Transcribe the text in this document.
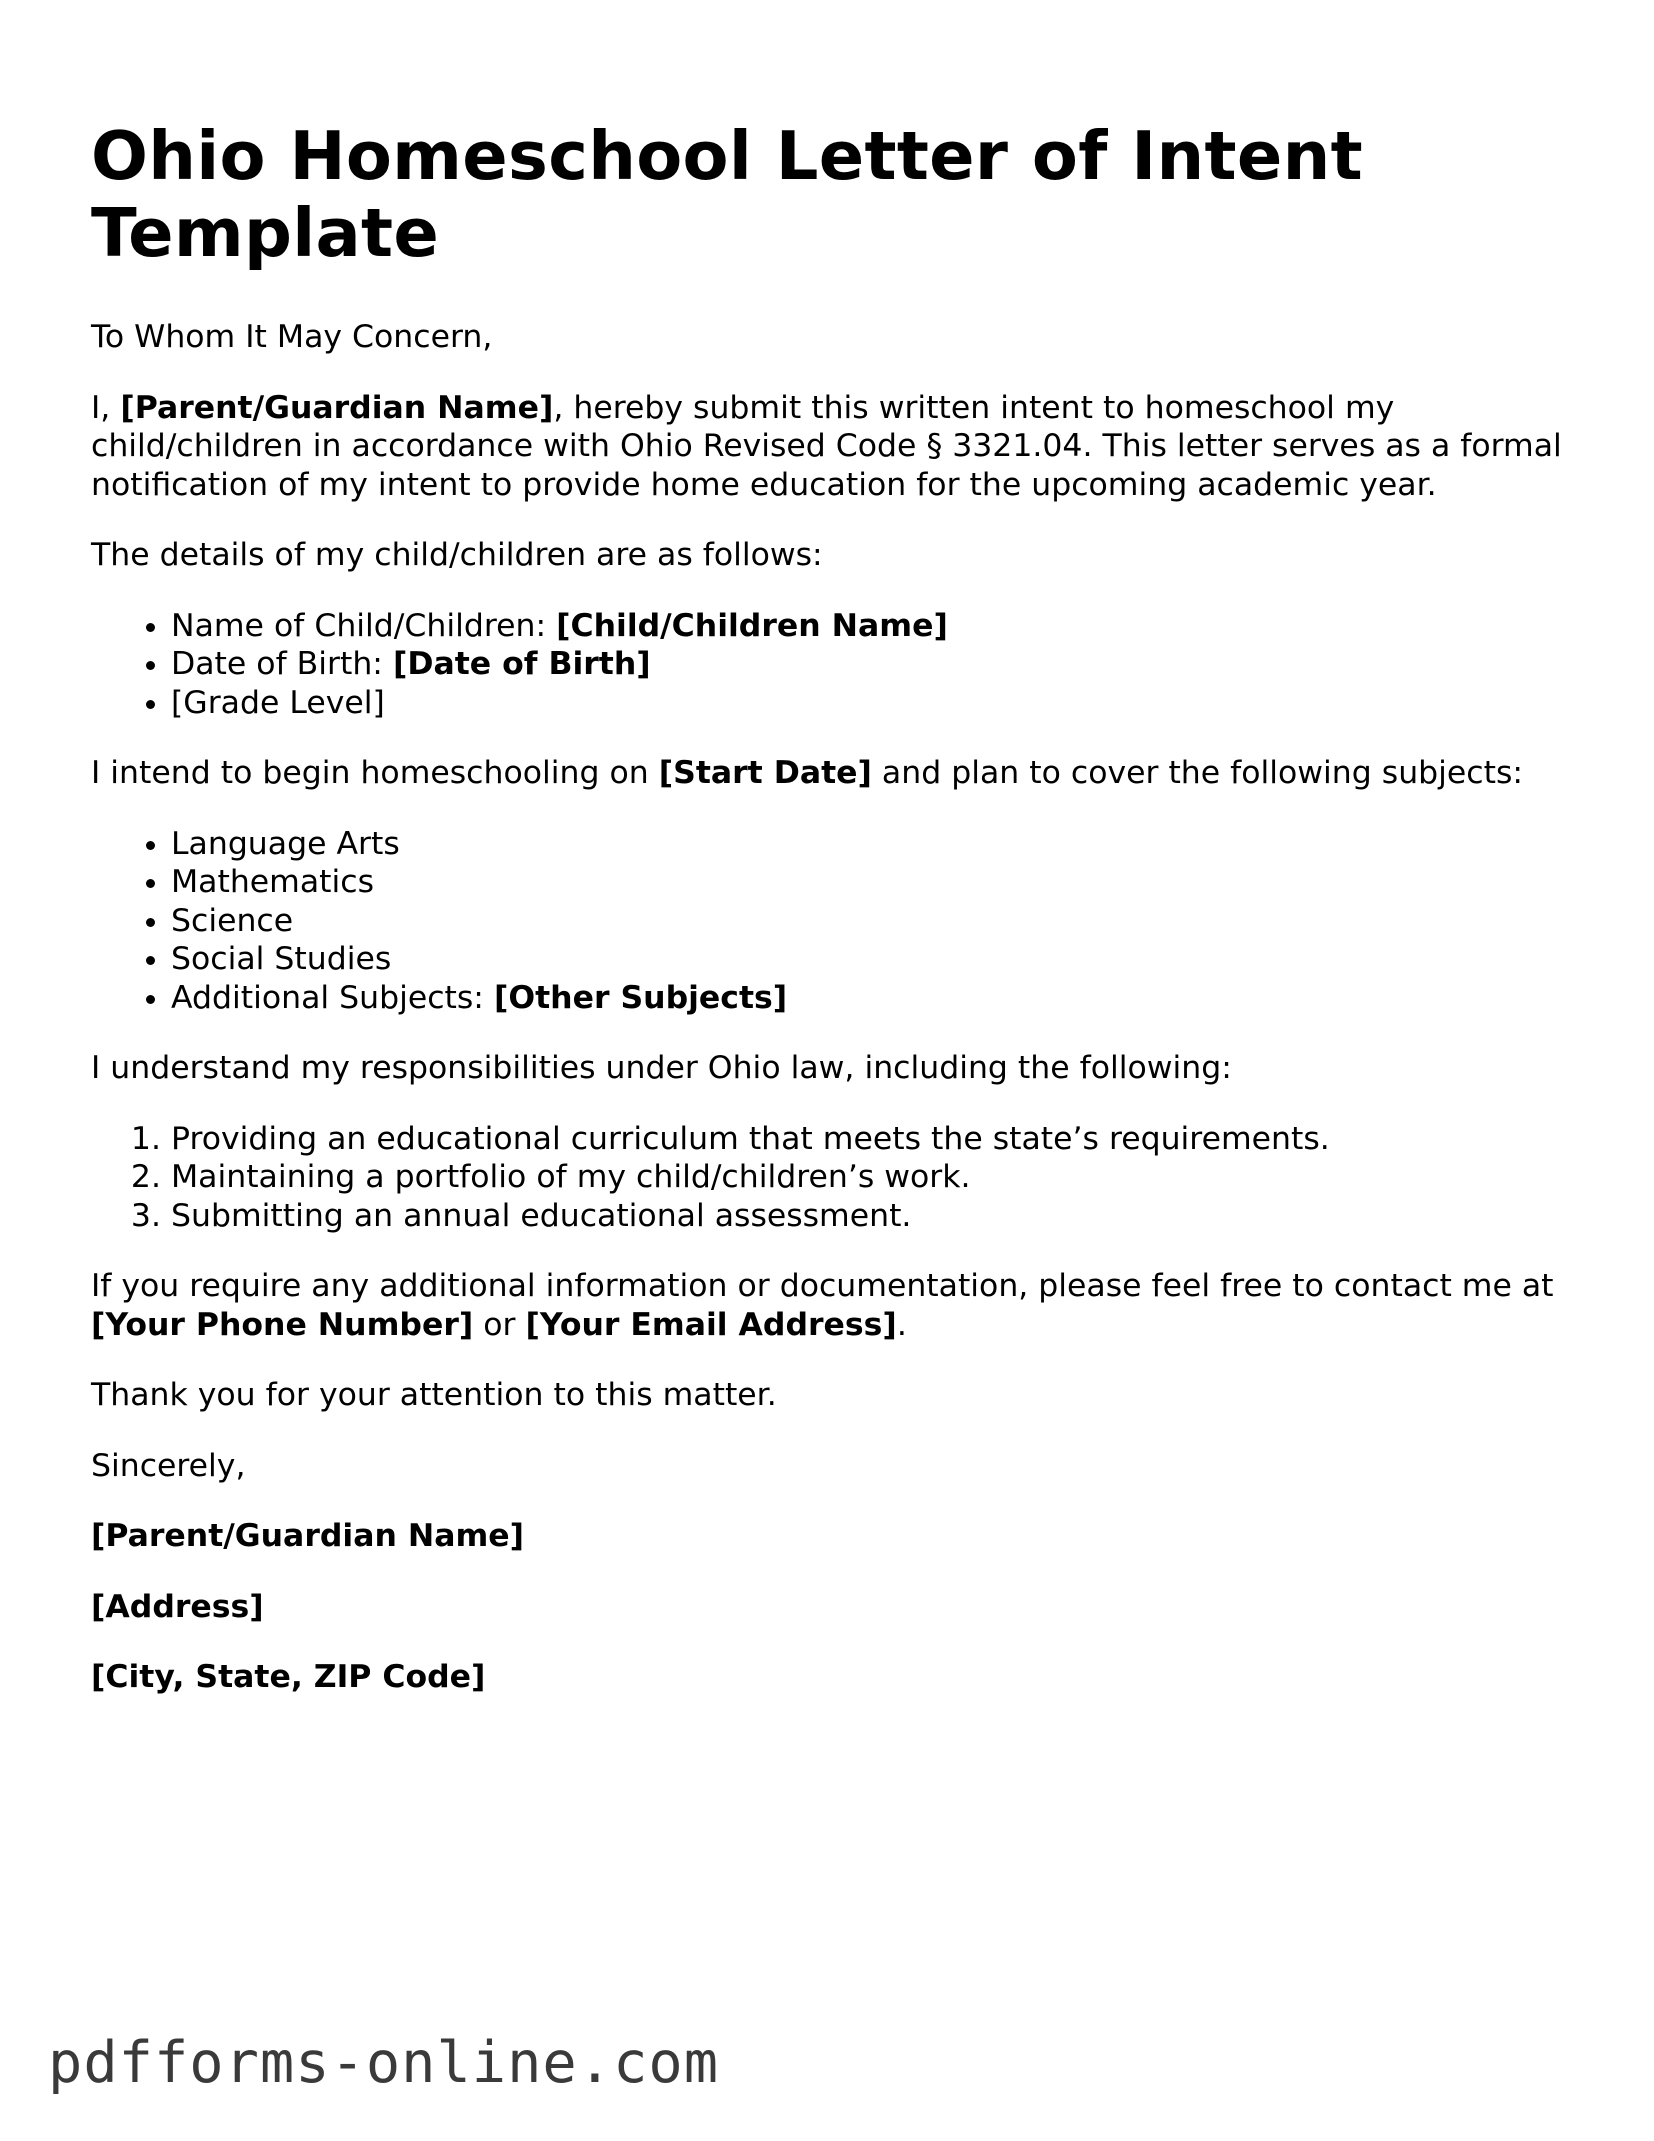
Ohio Homeschool Letter of Intent Template

To Whom It May Concern,

I, [Parent/Guardian Name], hereby submit this written intent to homeschool my child/children in accordance with Ohio Revised Code § 3321.04. This letter serves as a formal notification of my intent to provide home education for the upcoming academic year.

The details of my child/children are as follows:

• Name of Child/Children: [Child/Children Name]
• Date of Birth: [Date of Birth]
• [Grade Level]

I intend to begin homeschooling on [Start Date] and plan to cover the following subjects:

• Language Arts
• Mathematics
• Science
• Social Studies
• Additional Subjects: [Other Subjects]

I understand my responsibilities under Ohio law, including the following:

1. Providing an educational curriculum that meets the state’s requirements.
2. Maintaining a portfolio of my child/children’s work.
3. Submitting an annual educational assessment.

If you require any additional information or documentation, please feel free to contact me at [Your Phone Number] or [Your Email Address].

Thank you for your attention to this matter.

Sincerely,

[Parent/Guardian Name]

[Address]

[City, State, ZIP Code]

pdfforms-online.com
